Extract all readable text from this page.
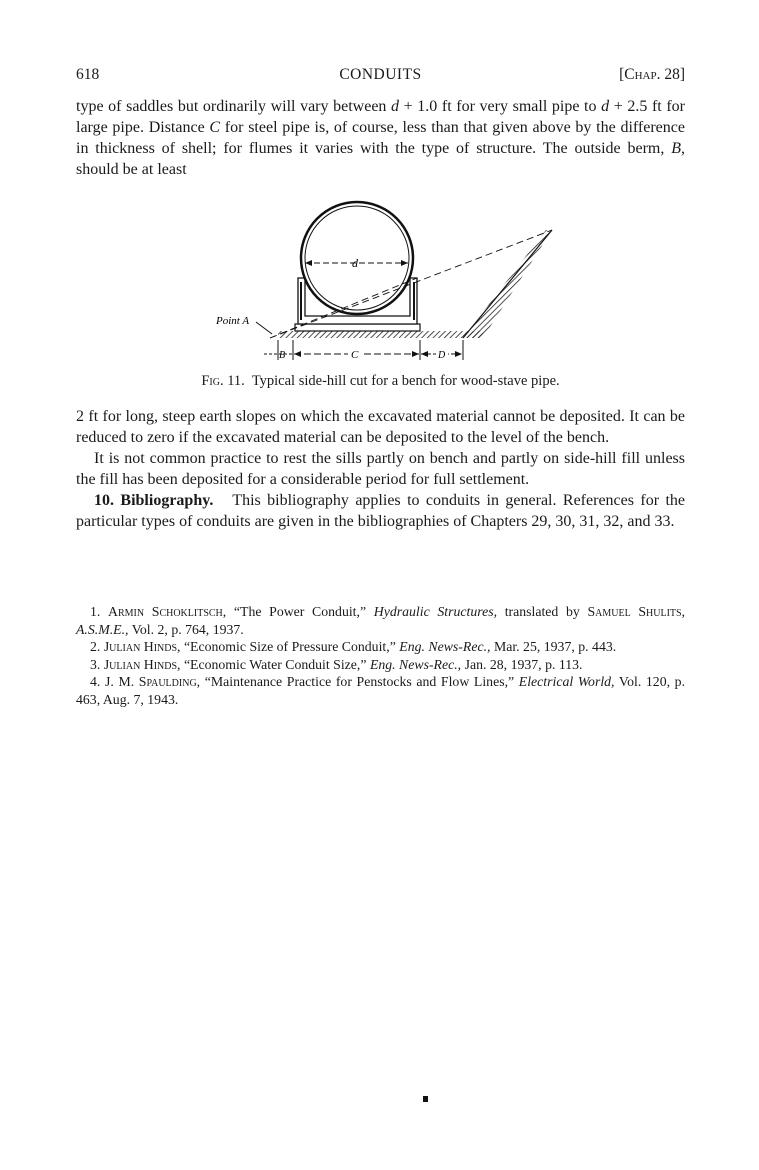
618	CONDUITS	[Chap. 28]

type of saddles but ordinarily will vary between d + 1.0 ft for very small pipe to d + 2.5 ft for large pipe. Distance C for steel pipe is, of course, less than that given above by the difference in thickness of shell; for flumes it varies with the type of structure. The outside berm, B, should be at least

d
Point A
B	C	D
Fig. 11. Typical side-hill cut for a bench for wood-stave pipe.

2 ft for long, steep earth slopes on which the excavated material cannot be deposited. It can be reduced to zero if the excavated material can be deposited to the level of the bench.

It is not common practice to rest the sills partly on bench and partly on side-hill fill unless the fill has been deposited for a considerable period for full settlement.

10. Bibliography. This bibliography applies to conduits in general. References for the particular types of conduits are given in the bibliographies of Chapters 29, 30, 31, 32, and 33.

1. Armin Schoklitsch, “The Power Conduit,” Hydraulic Structures, translated by Samuel Shulits, A.S.M.E., Vol. 2, p. 764, 1937.

2. Julian Hinds, “Economic Size of Pressure Conduit,” Eng. News-Rec., Mar. 25, 1937, p. 443.

3. Julian Hinds, “Economic Water Conduit Size,” Eng. News-Rec., Jan. 28, 1937, p. 113.

4. J. M. Spaulding, “Maintenance Practice for Penstocks and Flow Lines,” Electrical World, Vol. 120, p. 463, Aug. 7, 1943.
